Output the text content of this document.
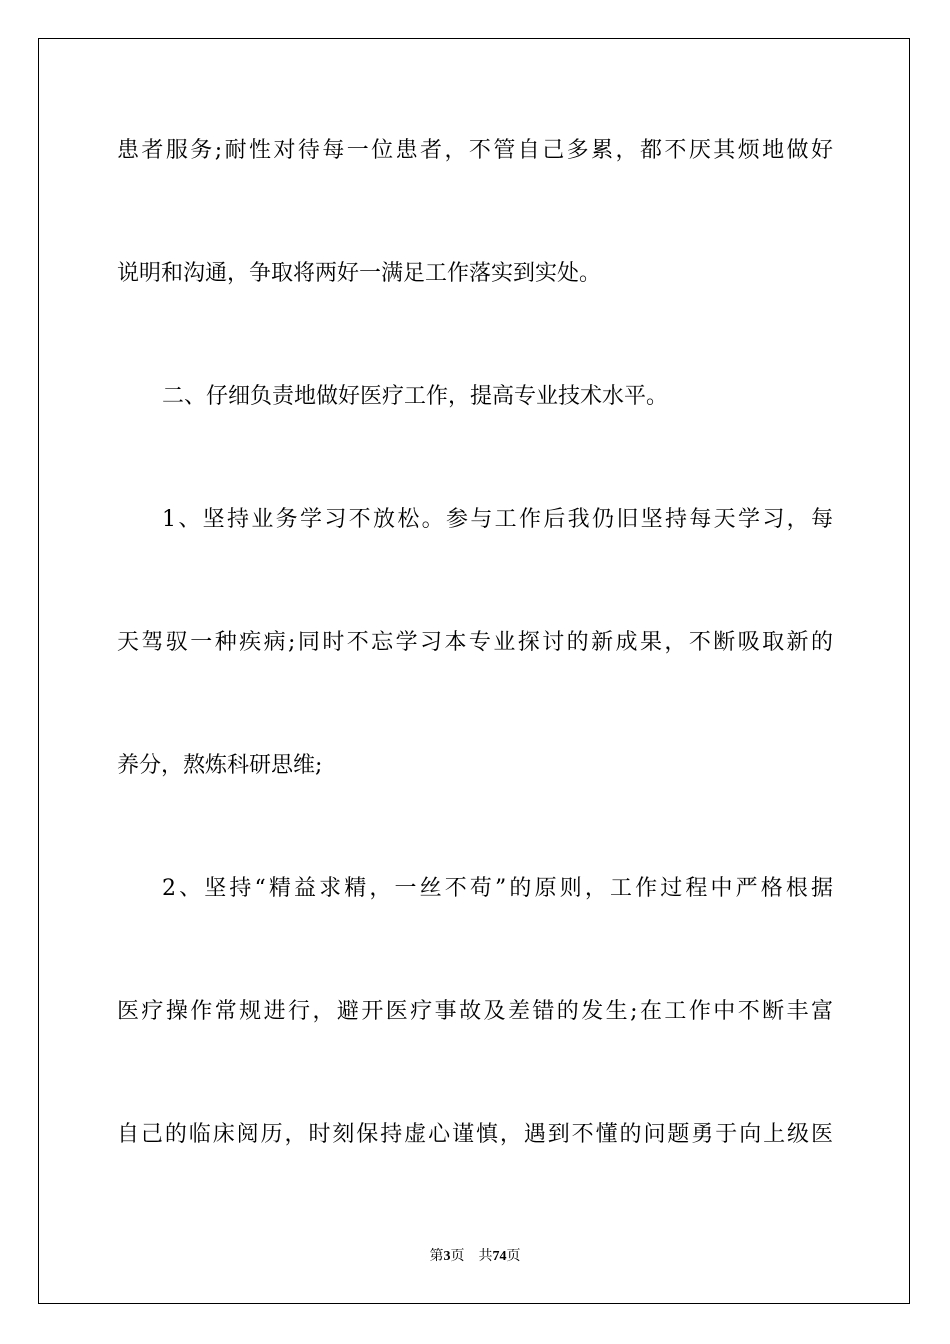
患者服务;耐性对待每一位患者，不管自己多累，都不厌其烦地做好
说明和沟通，争取将两好一满足工作落实到实处。
二、仔细负责地做好医疗工作，提高专业技术水平。
1、坚持业务学习不放松。参与工作后我仍旧坚持每天学习，每
天驾驭一种疾病;同时不忘学习本专业探讨的新成果，不断吸取新的
养分，熬炼科研思维;
2、坚持“精益求精，一丝不苟”的原则，工作过程中严格根据
医疗操作常规进行，避开医疗事故及差错的发生;在工作中不断丰富
自己的临床阅历，时刻保持虚心谨慎，遇到不懂的问题勇于向上级医
第3页 共74页
